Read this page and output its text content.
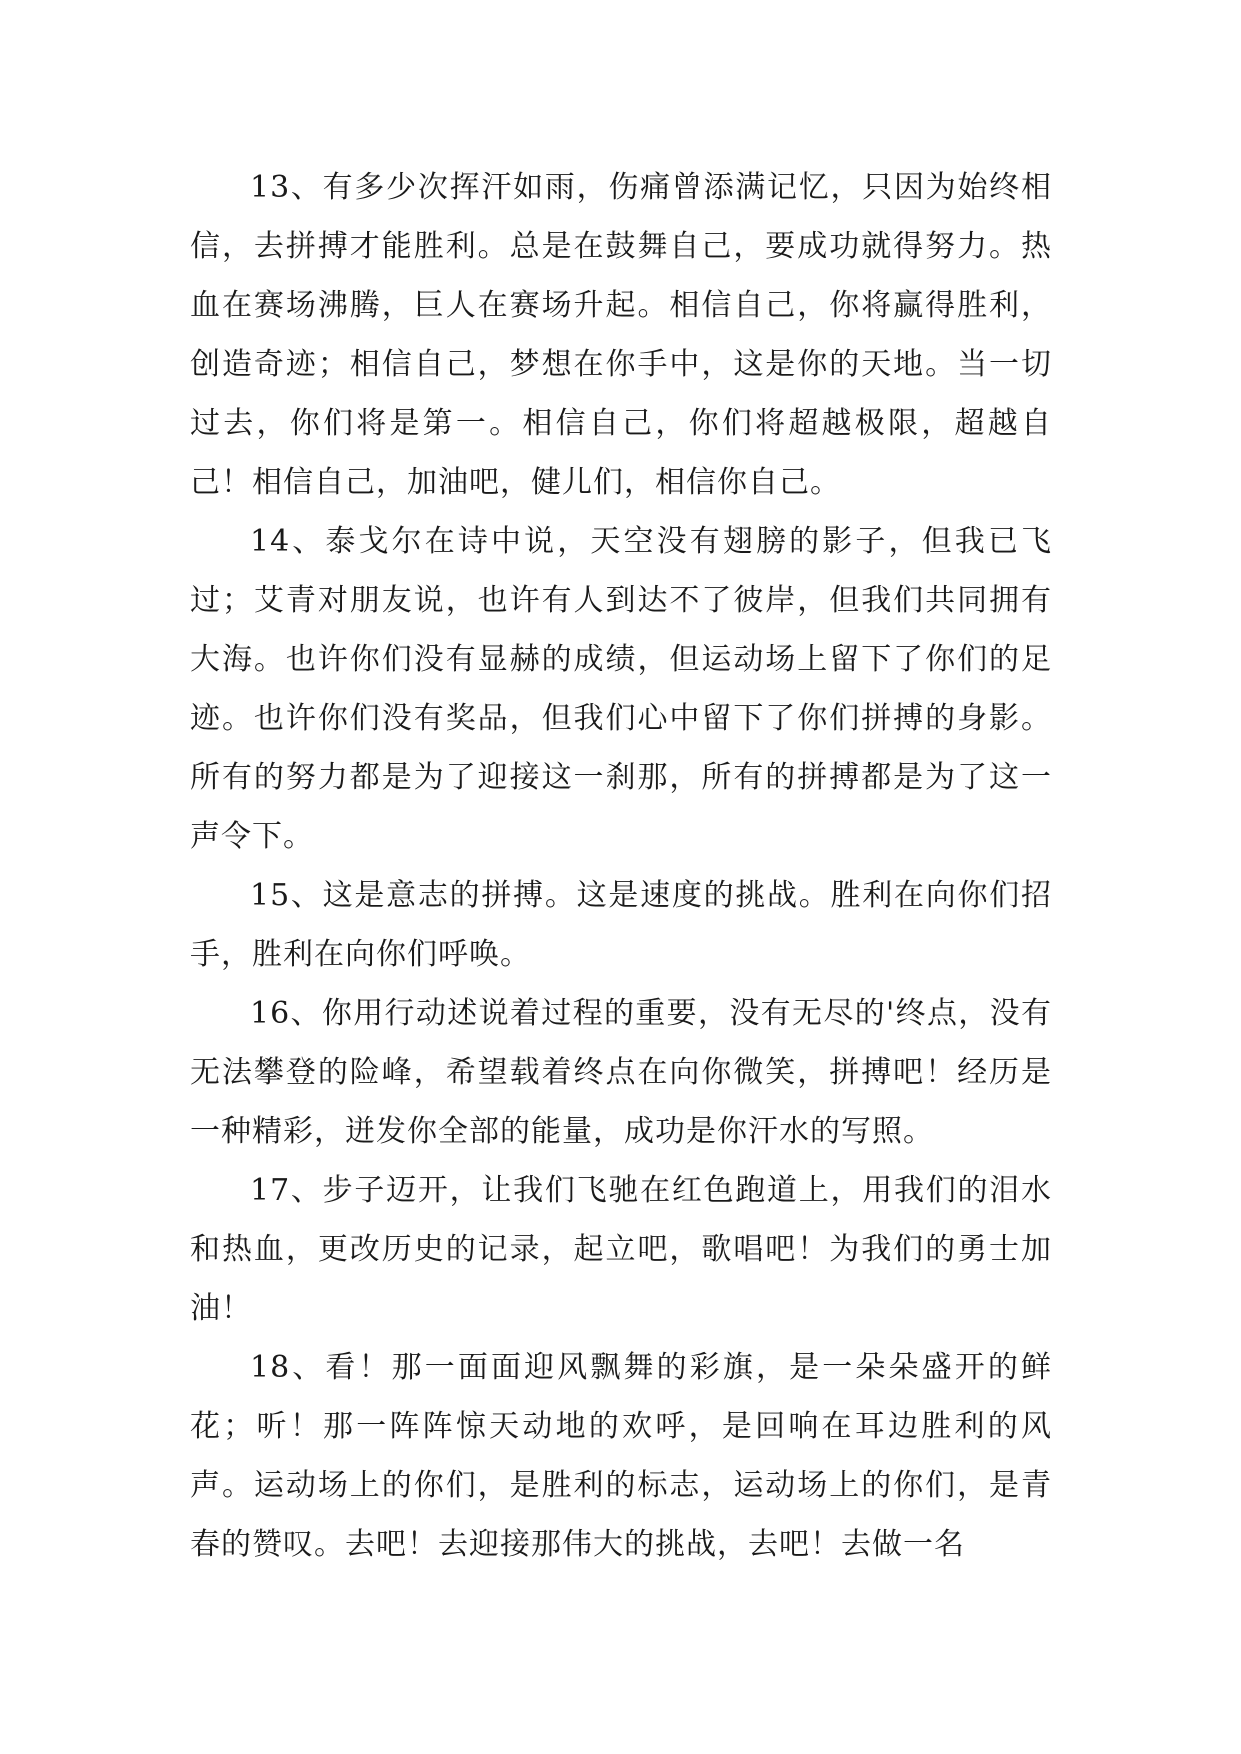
13、有多少次挥汗如雨，伤痛曾添满记忆，只因为始终相信，去拼搏才能胜利。总是在鼓舞自己，要成功就得努力。热血在赛场沸腾，巨人在赛场升起。相信自己，你将赢得胜利，创造奇迹；相信自己，梦想在你手中，这是你的天地。当一切过去，你们将是第一。相信自己，你们将超越极限，超越自己！相信自己，加油吧，健儿们，相信你自己。

14、泰戈尔在诗中说，天空没有翅膀的影子，但我已飞过；艾青对朋友说，也许有人到达不了彼岸，但我们共同拥有大海。也许你们没有显赫的成绩，但运动场上留下了你们的足迹。也许你们没有奖品，但我们心中留下了你们拼搏的身影。所有的努力都是为了迎接这一刹那，所有的拼搏都是为了这一声令下。

15、这是意志的拼搏。这是速度的挑战。胜利在向你们招手，胜利在向你们呼唤。

16、你用行动述说着过程的重要，没有无尽的'终点，没有无法攀登的险峰，希望载着终点在向你微笑，拼搏吧！经历是一种精彩，迸发你全部的能量，成功是你汗水的写照。

17、步子迈开，让我们飞驰在红色跑道上，用我们的泪水和热血，更改历史的记录，起立吧，歌唱吧！为我们的勇士加油！

18、看！那一面面迎风飘舞的彩旗，是一朵朵盛开的鲜花；听！那一阵阵惊天动地的欢呼，是回响在耳边胜利的风声。运动场上的你们，是胜利的标志，运动场上的你们，是青春的赞叹。去吧！去迎接那伟大的挑战，去吧！去做一名
